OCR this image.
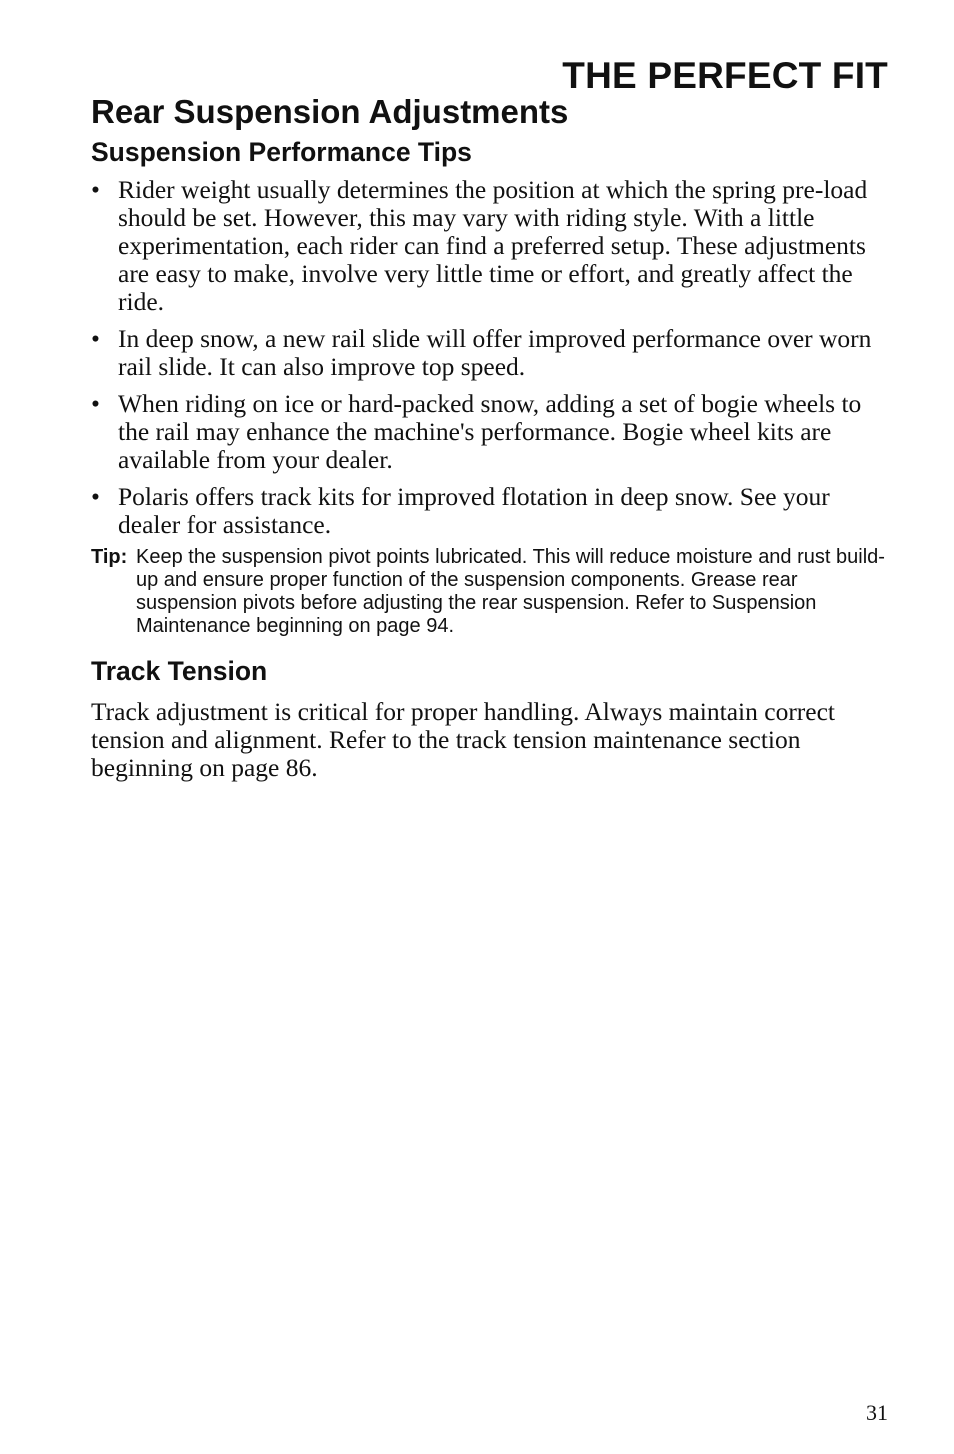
THE PERFECT FIT
Rear Suspension Adjustments
Suspension Performance Tips
• Rider weight usually determines the position at which the spring pre-load should be set. However, this may vary with riding style. With a little experimentation, each rider can find a preferred setup. These adjustments are easy to make, involve very little time or effort, and greatly affect the ride.
• In deep snow, a new rail slide will offer improved performance over worn rail slide. It can also improve top speed.
• When riding on ice or hard-packed snow, adding a set of bogie wheels to the rail may enhance the machine's performance. Bogie wheel kits are available from your dealer.
• Polaris offers track kits for improved flotation in deep snow. See your dealer for assistance.
Tip: Keep the suspension pivot points lubricated. This will reduce moisture and rust build-up and ensure proper function of the suspension components. Grease rear suspension pivots before adjusting the rear suspension. Refer to Suspension Maintenance beginning on page 94.
Track Tension

Track adjustment is critical for proper handling. Always maintain correct tension and alignment. Refer to the track tension maintenance section beginning on page 86.

31
